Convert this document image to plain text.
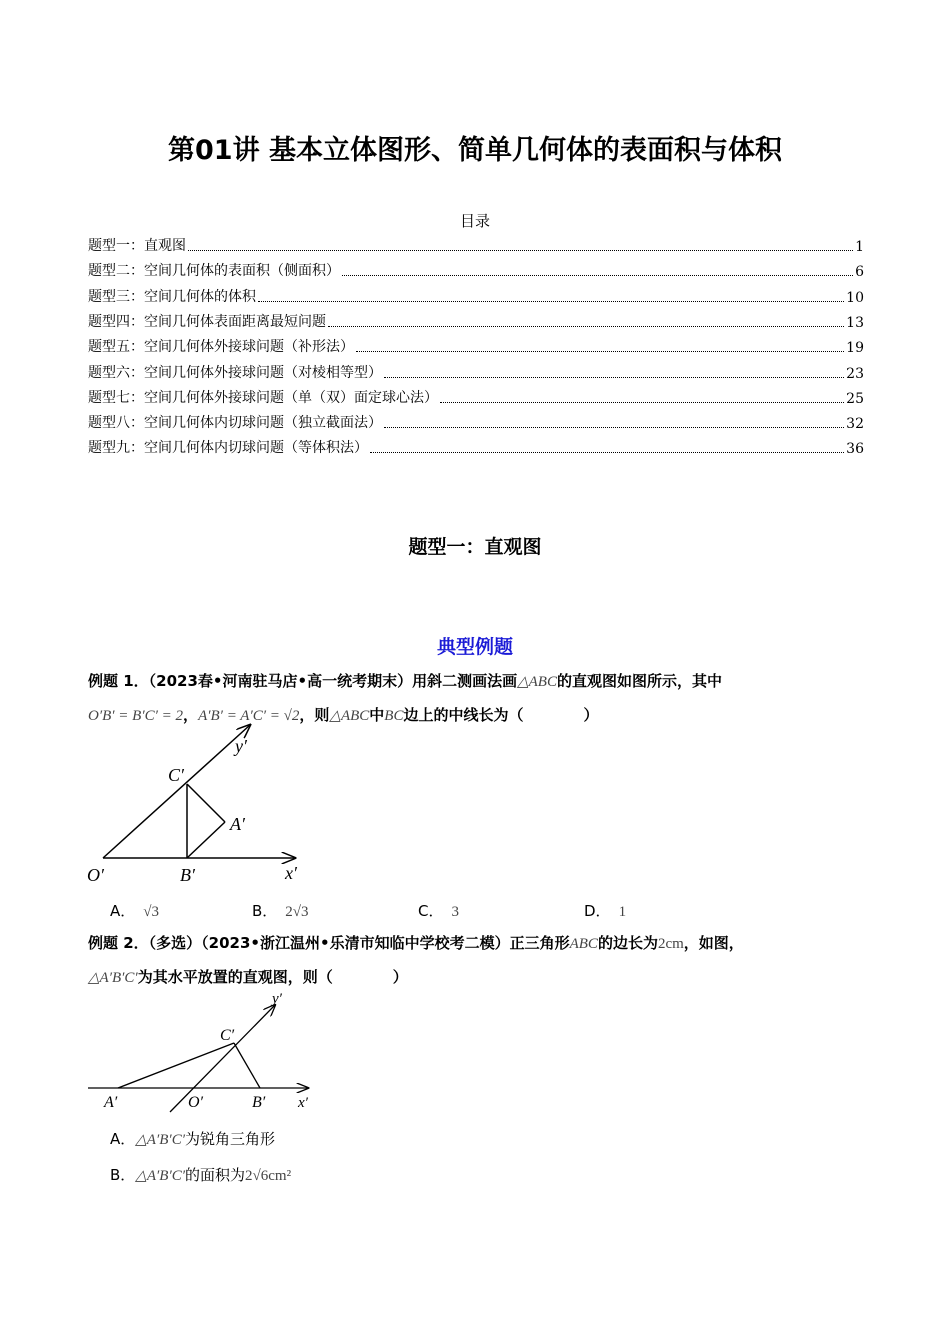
第01讲 基本立体图形、简单几何体的表面积与体积
目录
题型一：直观图	1
题型二：空间几何体的表面积（侧面积）	6
题型三：空间几何体的体积	10
题型四：空间几何体表面距离最短问题	13
题型五：空间几何体外接球问题（补形法）	19
题型六：空间几何体外接球问题（对棱相等型）	23
题型七：空间几何体外接球问题（单（双）面定球心法）	25
题型八：空间几何体内切球问题（独立截面法）	32
题型九：空间几何体内切球问题（等体积法）	36
题型一：直观图
典型例题
例题 1．（2023春•河南驻马店•高一统考期末）用斜二测画法画△ABC的直观图如图所示，其中
O′B′ = B′C′ = 2，A′B′ = A′C′ = √2，则△ABC中BC边上的中线长为（　　　　）
C′
y′
A′
O′	B′	x′
C′
y′
A′	O′	B′ x′
A． √3	B． 2√3	C． 3	D． 1
例题 2．（多选）（2023•浙江温州•乐清市知临中学校考二模）正三角形ABC的边长为2cm，如图，
△A′B′C′为其水平放置的直观图，则（　　　　）
A．△A′B′C′为锐角三角形
B．△A′B′C′的面积为2√6cm²
